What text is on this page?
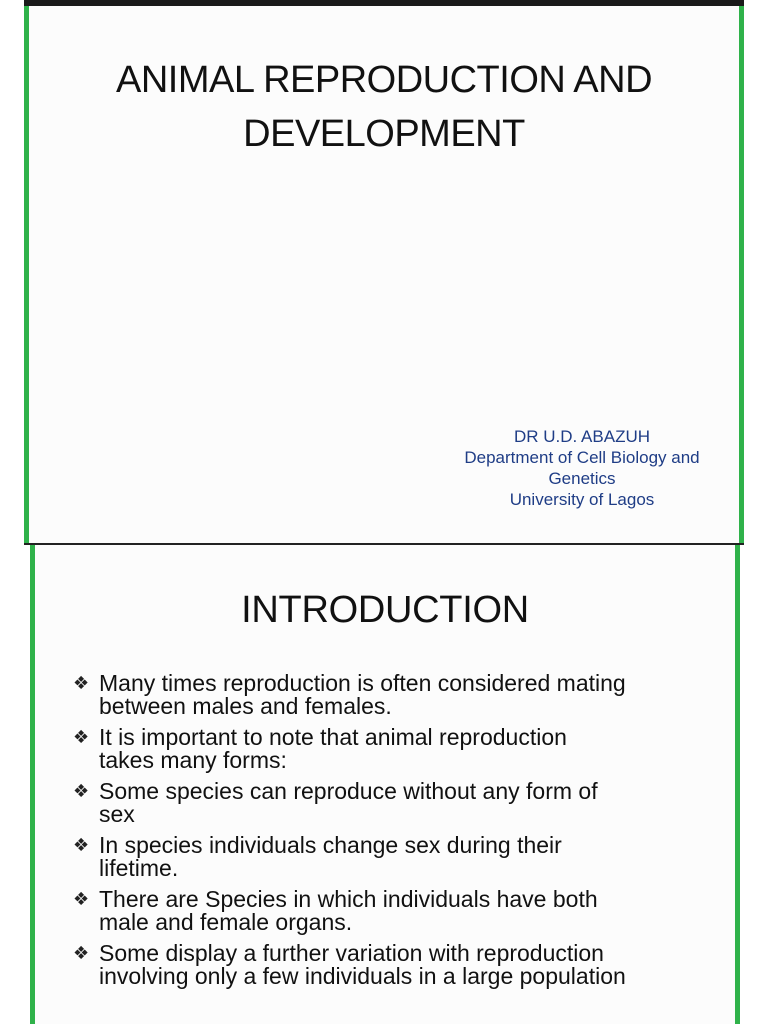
ANIMAL REPRODUCTION AND
DEVELOPMENT
DR U.D. ABAZUH
Department of Cell Biology and
Genetics
University of Lagos
INTRODUCTION
❖ Many times reproduction is often considered mating
between males and females.
❖ It is important to note that animal reproduction
takes many forms:
❖ Some species can reproduce without any form of
sex
❖ In species individuals change sex during their
lifetime.
❖ There are Species in which individuals have both
male and female organs.
❖ Some display a further variation with reproduction
involving only a few individuals in a large population
